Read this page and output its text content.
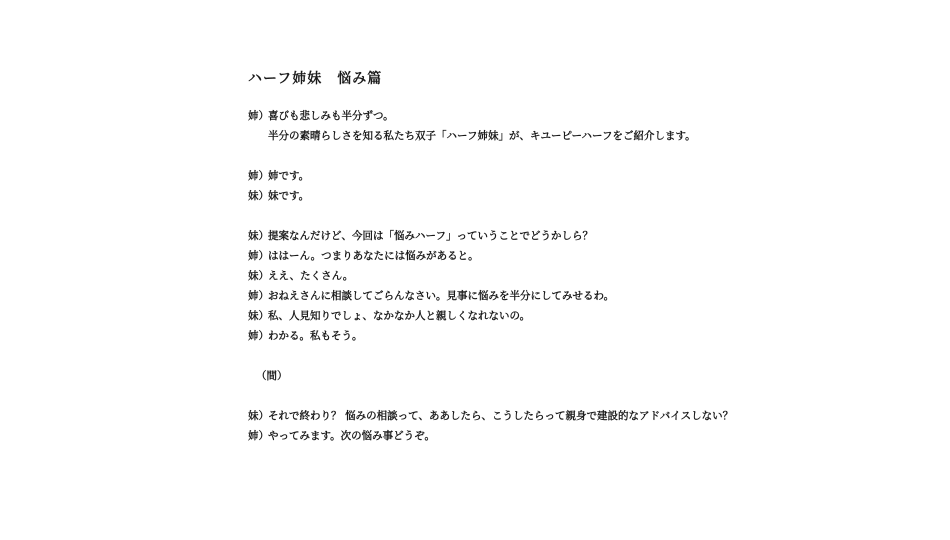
ハーフ姉妹　悩み篇
姉） 喜びも悲しみも半分ずつ。
半分の素晴らしさを知る私たち双子「ハーフ姉妹」が、キユーピーハーフをご紹介します。
姉） 姉です。
妹） 妹です。
妹） 提案なんだけど、今回は「悩みハーフ」っていうことでどうかしら？
姉） ははーん。つまりあなたには悩みがあると。
妹） ええ、たくさん。
姉） おねえさんに相談してごらんなさい。見事に悩みを半分にしてみせるわ。
妹） 私、人見知りでしょ、なかなか人と親しくなれないの。
姉） わかる。私もそう。
（間）
妹） それで終わり？ 悩みの相談って、ああしたら、こうしたらって親身で建設的なアドバイスしない？
姉） やってみます。次の悩み事どうぞ。
